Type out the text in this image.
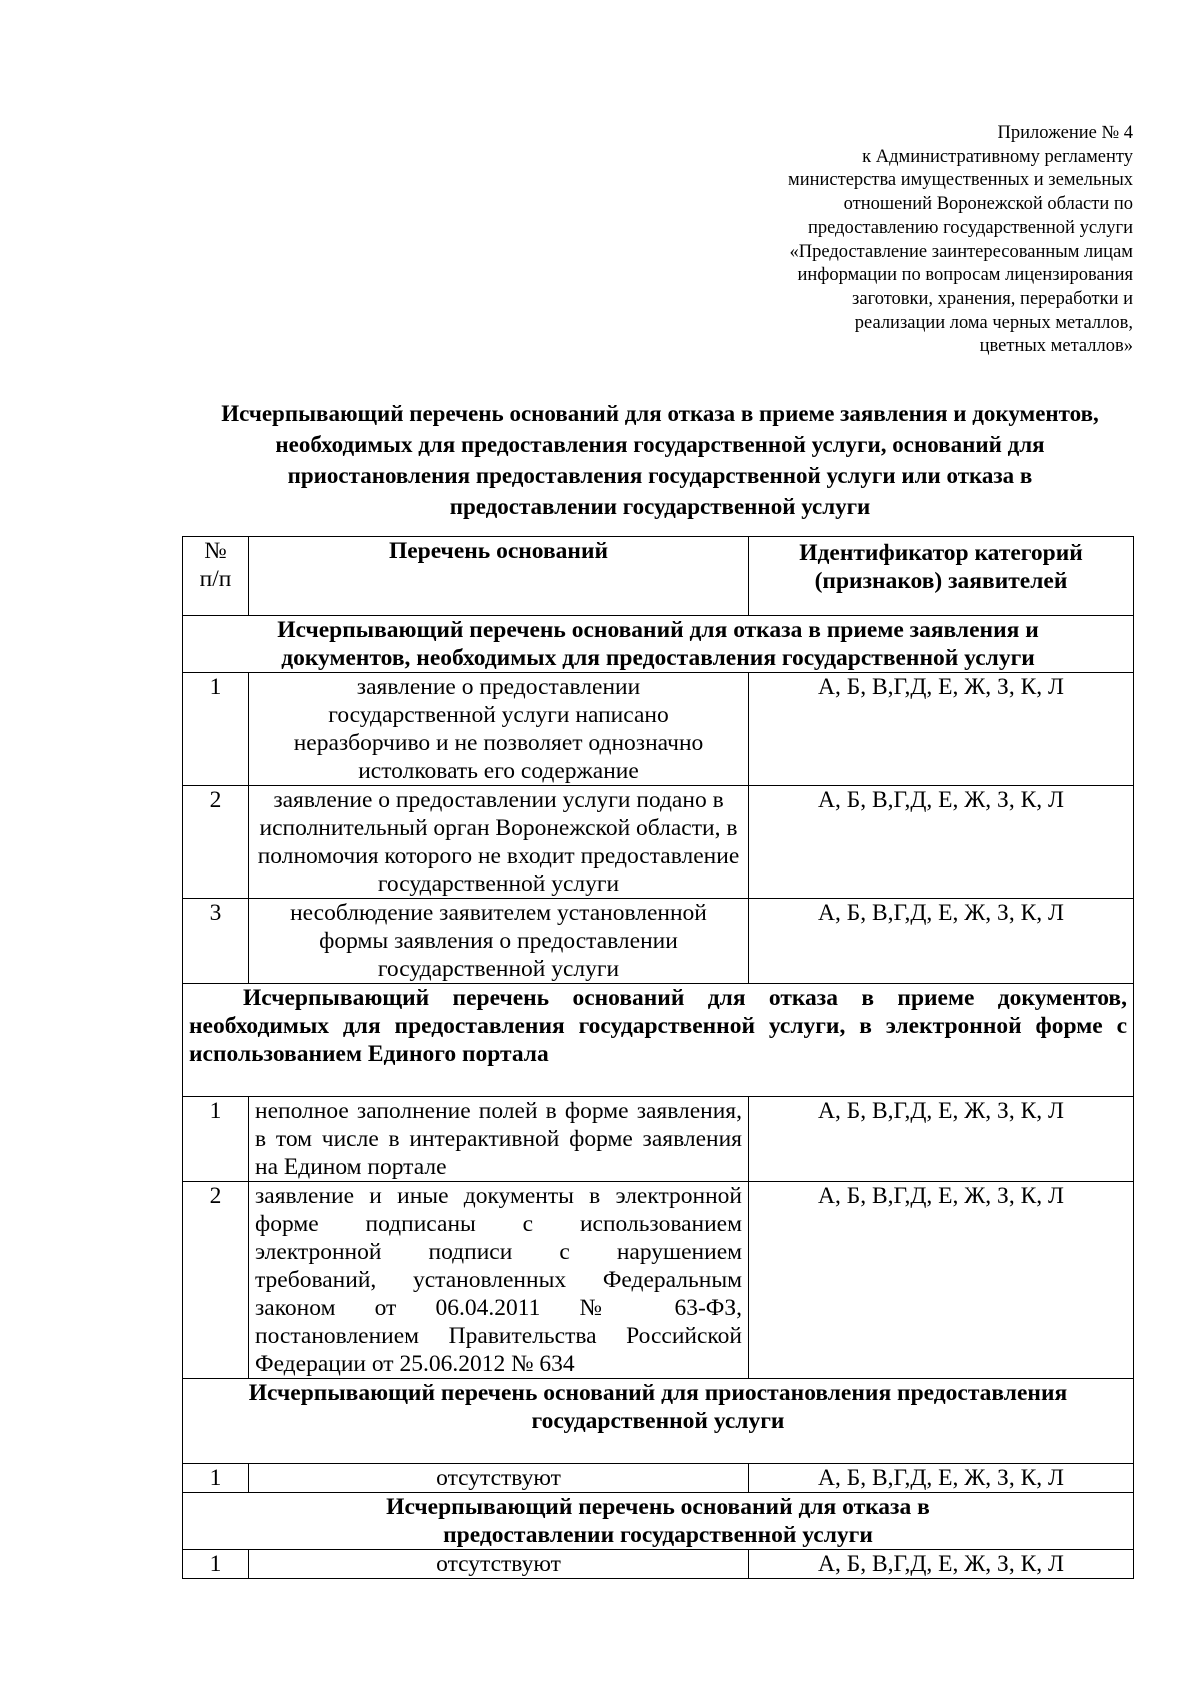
Приложение № 4
к Административному регламенту
министерства имущественных и земельных
отношений Воронежской области по
предоставлению государственной услуги
«Предоставление заинтересованным лицам
информации по вопросам лицензирования
заготовки, хранения, переработки и
реализации лома черных металлов,
цветных металлов»
Исчерпывающий перечень оснований для отказа в приеме заявления и документов,
необходимых для предоставления государственной услуги, оснований для
приостановления предоставления государственной услуги или отказа в
предоставлении государственной услуги
№ п/п	Перечень оснований	Идентификатор категорий (признаков) заявителей
Исчерпывающий перечень оснований для отказа в приеме заявления и документов, необходимых для предоставления государственной услуги		
1	заявление о предоставлении государственной услуги написано неразборчиво и не позволяет однозначно истолковать его содержание	А, Б, В,Г,Д, Е, Ж, З, К, Л
2	заявление о предоставлении услуги подано в исполнительный орган Воронежской области, в полномочия которого не входит предоставление государственной услуги	А, Б, В,Г,Д, Е, Ж, З, К, Л
3	несоблюдение заявителем установленной формы заявления о предоставлении государственной услуги	А, Б, В,Г,Д, Е, Ж, З, К, Л
Исчерпывающий перечень оснований для отказа в приеме документов, необходимых для предоставления государственной услуги, в электронной форме с использованием Единого портала		
1	неполное заполнение полей в форме заявления, в том числе в интерактивной форме заявления на Едином портале	А, Б, В,Г,Д, Е, Ж, З, К, Л
2	заявление и иные документы в электронной форме подписаны с использованием электронной подписи с нарушением требований, установленных Федеральным законом от 06.04.2011 № 63-ФЗ, постановлением Правительства Российской Федерации от 25.06.2012 № 634	А, Б, В,Г,Д, Е, Ж, З, К, Л
Исчерпывающий перечень оснований для приостановления предоставления государственной услуги		
1	отсутствуют	А, Б, В,Г,Д, Е, Ж, З, К, Л
Исчерпывающий перечень оснований для отказа в предоставлении государственной услуги		
1	отсутствуют	А, Б, В,Г,Д, Е, Ж, З, К, Л
